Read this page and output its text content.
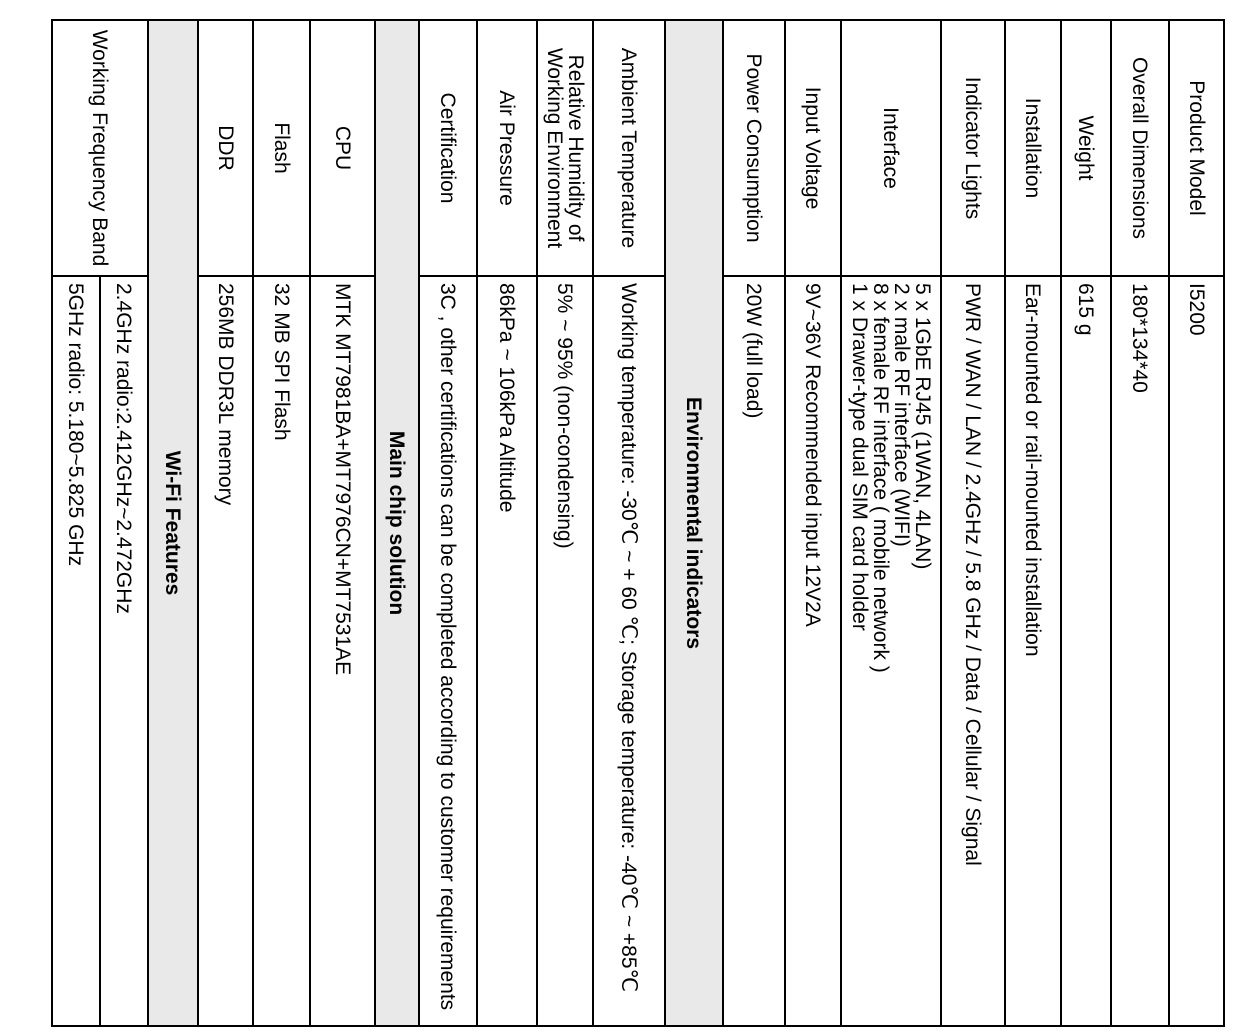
Product Model	I5200
Overall Dimensions	180*134*40
Weight	615 g
Installation	Ear-mounted or rail-mounted installation
Indicator Lights	PWR / WAN / LAN / 2.4GHz / 5.8 GHz / Data / Cellular / Signal
Interface	5 x 1GbE RJ45 (1WAN, 4LAN)
2 x male RF interface (WIFI)
8 x female RF interface ( mobile network )
1 x Drawer-type dual SIM card holder

Input Voltage	9V~36V Recommended input 12V2A
Power Consumption	20W (full load)
Environmental indicators	
Ambient Temperature	Working temperature: -30℃ ~ + 60 ℃; Storage temperature: -40℃ ~ +85℃
Relative Humidity of Working Environment	5% ~ 95% (non-condensing)
Air Pressure	86kPa ~ 106kPa Altitude
Certification	3C , other certifications can be completed according to customer requirements
Main chip solution	
CPU	MTK MT7981BA+MT7976CN+MT7531AE
Flash	32 MB SPI Flash
DDR	256MB DDR3L memory
Wi-Fi Features	
Working Frequency Band	2.4GHz radio:2.412GHz~2.472GHz
	5GHz radio: 5.180~5.825 GHz
